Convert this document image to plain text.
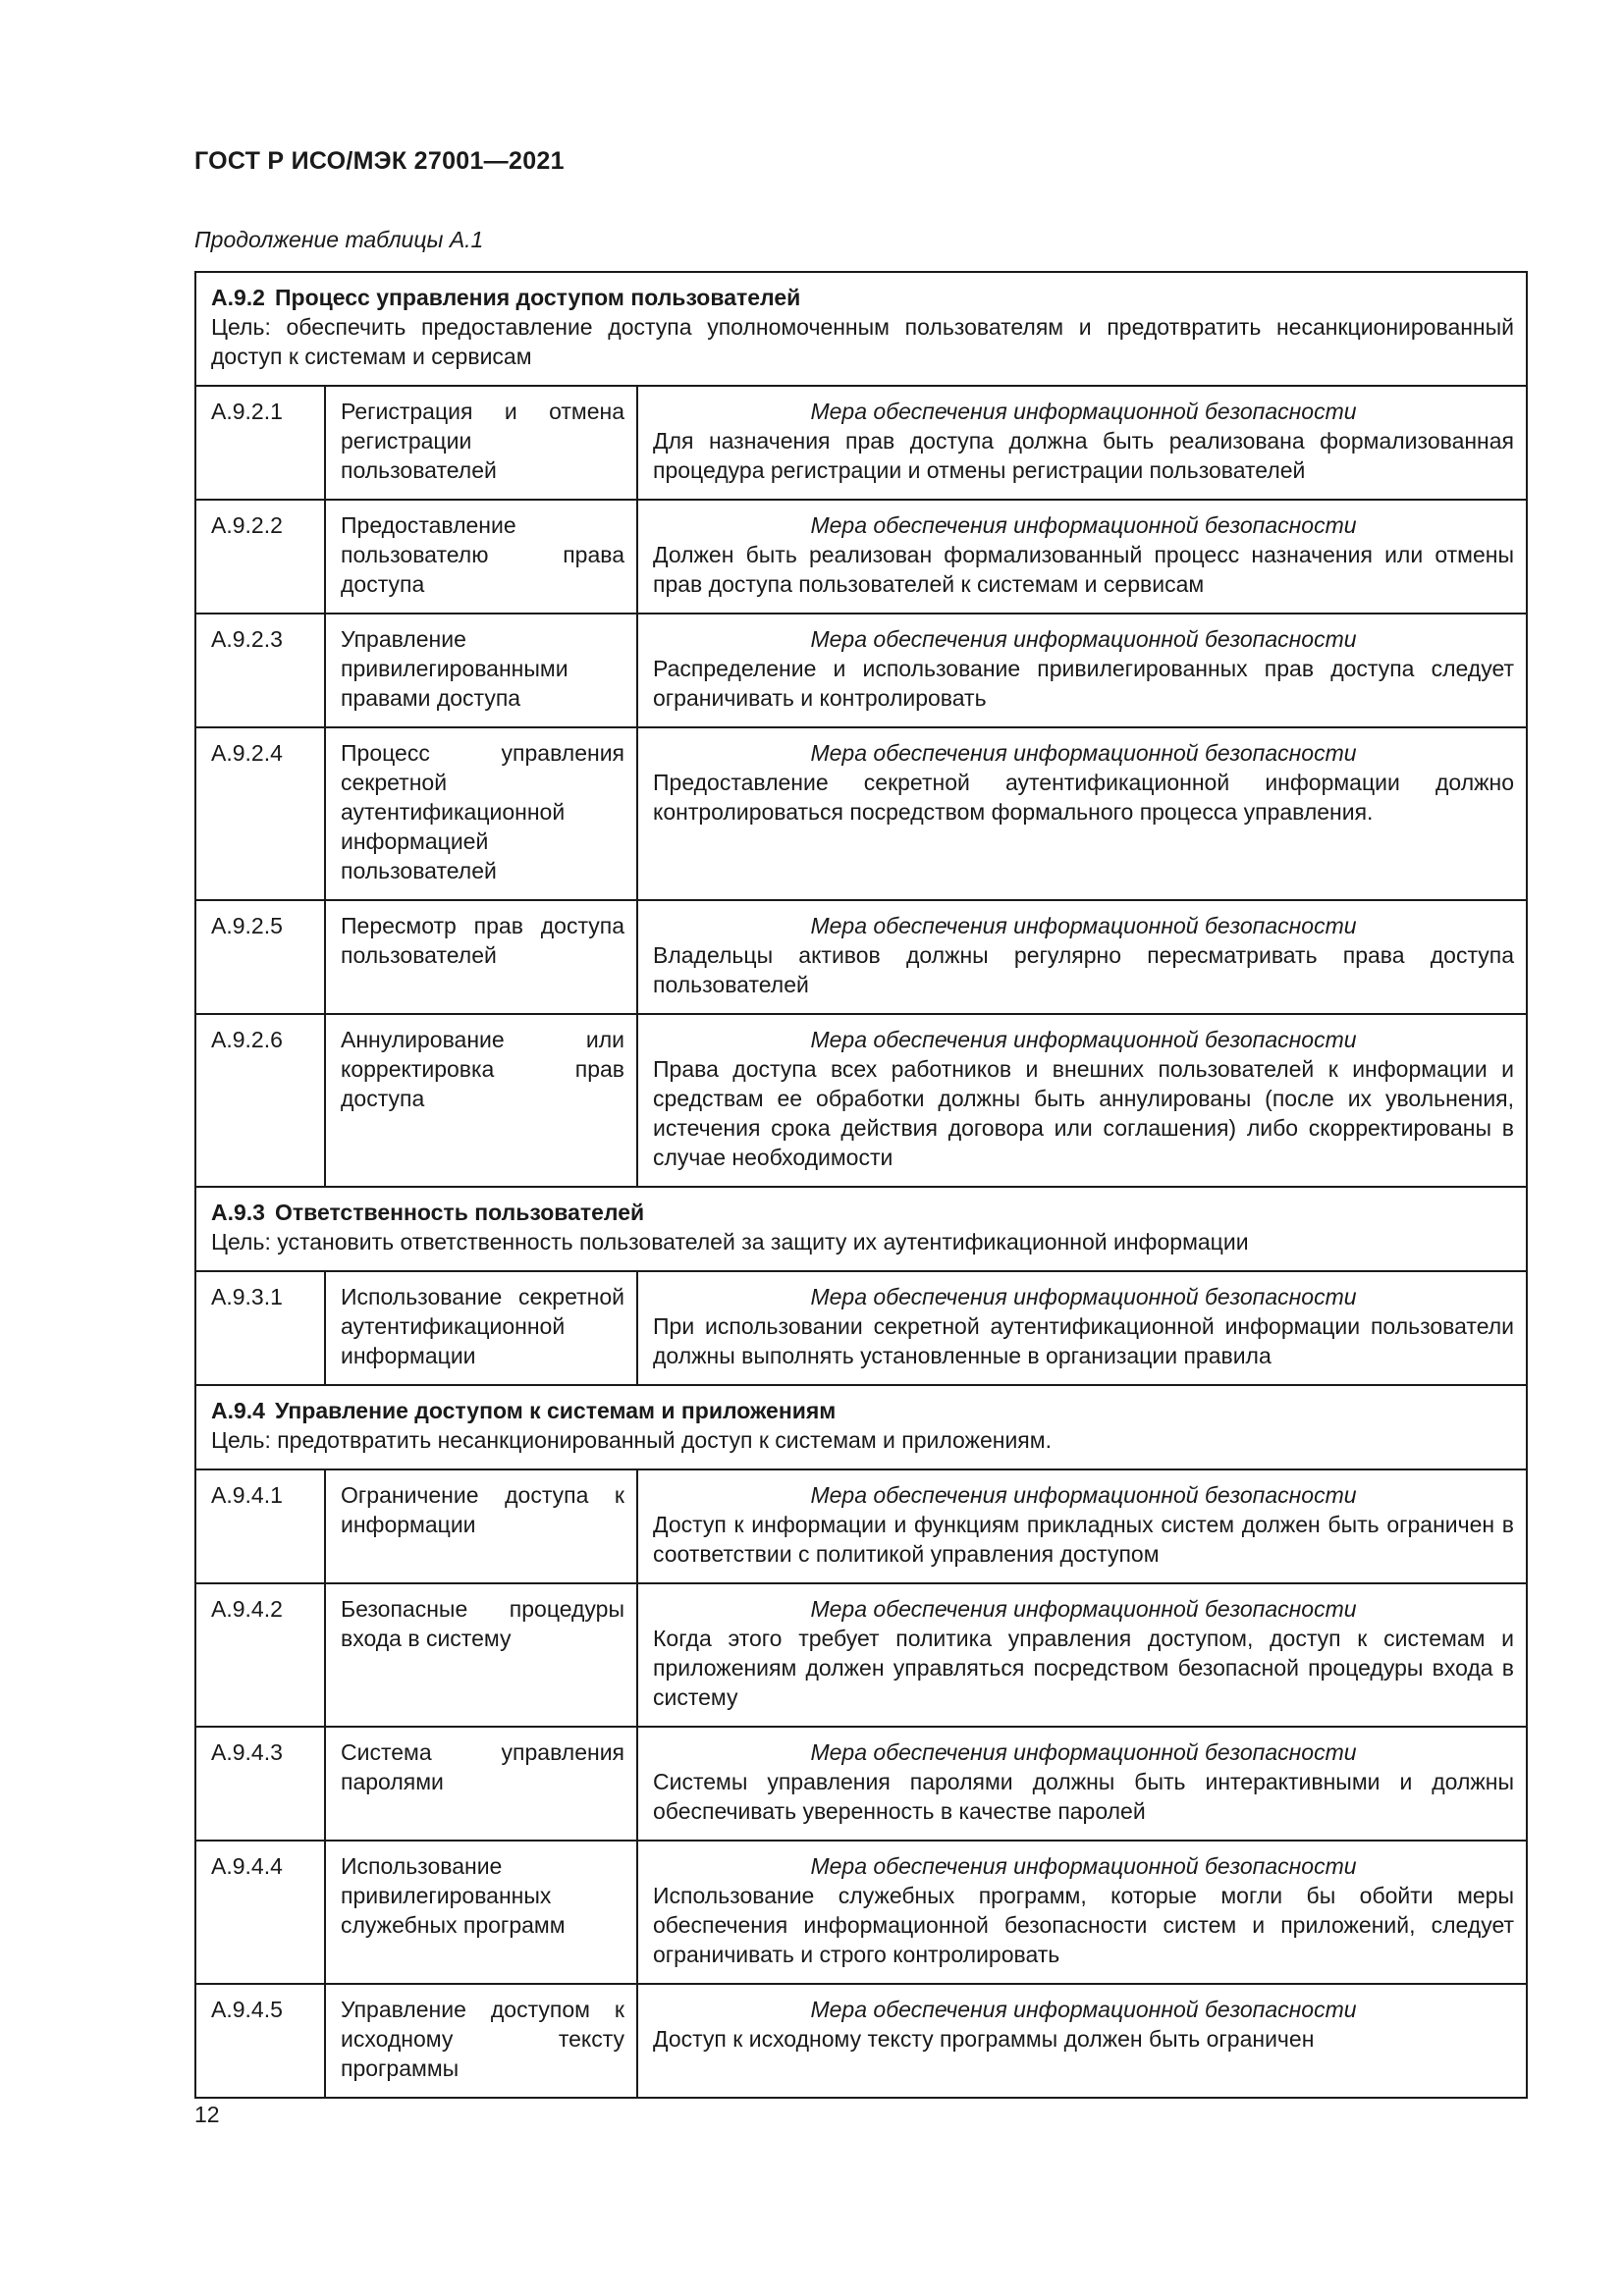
ГОСТ Р ИСО/МЭК 27001—2021
Продолжение таблицы А.1
А.9.2 Процесс управления доступом пользователей
Цель: обеспечить предоставление доступа уполномоченным пользователям и предотвратить несанкционированный доступ к системам и сервисам		

А.9.2.1	Регистрация и отмена регистрации пользователей	Мера обеспечения информационной безопасности
Для назначения прав доступа должна быть реализована формализованная процедура регистрации и отмены регистрации пользователей

А.9.2.2	Предоставление пользователю права доступа	Мера обеспечения информационной безопасности
Должен быть реализован формализованный процесс назначения или отмены прав доступа пользователей к системам и сервисам

А.9.2.3	Управление привилегированными правами доступа	Мера обеспечения информационной безопасности
Распределение и использование привилегированных прав доступа следует ограничивать и контролировать

А.9.2.4	Процесс управления секретной аутентификационной информацией пользователей	Мера обеспечения информационной безопасности
Предоставление секретной аутентификационной информации должно контролироваться посредством формального процесса управления.

А.9.2.5	Пересмотр прав доступа пользователей	Мера обеспечения информационной безопасности
Владельцы активов должны регулярно пересматривать права доступа пользователей

А.9.2.6	Аннулирование или корректировка прав доступа	Мера обеспечения информационной безопасности
Права доступа всех работников и внешних пользователей к информации и средствам ее обработки должны быть аннулированы (после их увольнения, истечения срока действия договора или соглашения) либо скорректированы в случае необходимости

А.9.3 Ответственность пользователей
Цель: установить ответственность пользователей за защиту их аутентификационной информации		

А.9.3.1	Использование секретной аутентификационной информации	Мера обеспечения информационной безопасности
При использовании секретной аутентификационной информации пользователи должны выполнять установленные в организации правила

А.9.4 Управление доступом к системам и приложениям
Цель: предотвратить несанкционированный доступ к системам и приложениям.		

А.9.4.1	Ограничение доступа к информации	Мера обеспечения информационной безопасности
Доступ к информации и функциям прикладных систем должен быть ограничен в соответствии с политикой управления доступом

А.9.4.2	Безопасные процедуры входа в систему	Мера обеспечения информационной безопасности
Когда этого требует политика управления доступом, доступ к системам и приложениям должен управляться посредством безопасной процедуры входа в систему

А.9.4.3	Система управления паролями	Мера обеспечения информационной безопасности
Системы управления паролями должны быть интерактивными и должны обеспечивать уверенность в качестве паролей

А.9.4.4	Использование привилегированных служебных программ	Мера обеспечения информационной безопасности
Использование служебных программ, которые могли бы обойти меры обеспечения информационной безопасности систем и приложений, следует ограничивать и строго контролировать

А.9.4.5	Управление доступом к исходному тексту программы	Мера обеспечения информационной безопасности
Доступ к исходному тексту программы должен быть ограничен
12
